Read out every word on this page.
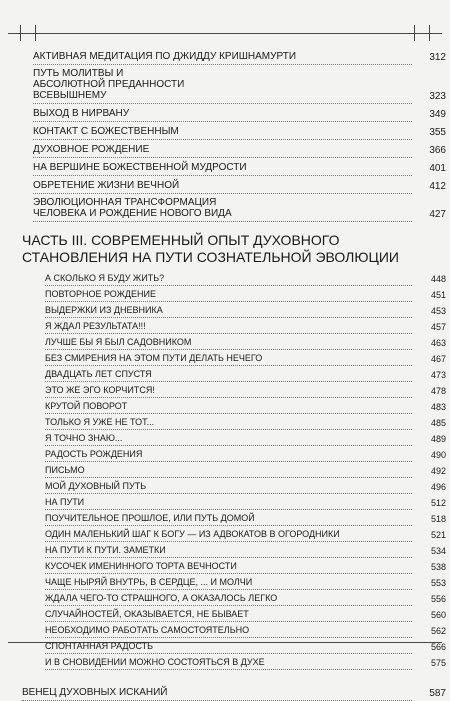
АКТИВНАЯ МЕДИТАЦИЯ ПО ДЖИДДУ КРИШНАМУРТИ	312
ПУТЬ МОЛИТВЫ И АБСОЛЮТНОЙ ПРЕДАННОСТИ ВСЕВЫШНЕМУ	323
ВЫХОД В НИРВАНУ	349
КОНТАКТ С БОЖЕСТВЕННЫМ	355
ДУХОВНОЕ РОЖДЕНИЕ	366
НА ВЕРШИНЕ БОЖЕСТВЕННОЙ МУДРОСТИ	401
ОБРЕТЕНИЕ ЖИЗНИ ВЕЧНОЙ	412
ЭВОЛЮЦИОННАЯ ТРАНСФОРМАЦИЯ ЧЕЛОВЕКА И РОЖДЕНИЕ НОВОГО ВИДА	427
ЧАСТЬ III. СОВРЕМЕННЫЙ ОПЫТ ДУХОВНОГО СТАНОВЛЕНИЯ НА ПУТИ СОЗНАТЕЛЬНОЙ ЭВОЛЮЦИИ
А СКОЛЬКО Я БУДУ ЖИТЬ?	448
ПОВТОРНОЕ РОЖДЕНИЕ	451
ВЫДЕРЖКИ ИЗ ДНЕВНИКА	453
Я ЖДАЛ РЕЗУЛЬТАТА!!!	457
ЛУЧШЕ БЫ Я БЫЛ САДОВНИКОМ	463
БЕЗ СМИРЕНИЯ НА ЭТОМ ПУТИ ДЕЛАТЬ НЕЧЕГО	467
ДВАДЦАТЬ ЛЕТ СПУСТЯ	473
ЭТО ЖЕ ЭГО КОРЧИТСЯ!	478
КРУТОЙ ПОВОРОТ	483
ТОЛЬКО Я УЖЕ НЕ ТОТ...	485
Я ТОЧНО ЗНАЮ...	489
РАДОСТЬ РОЖДЕНИЯ	490
ПИСЬМО	492
МОЙ ДУХОВНЫЙ ПУТЬ	496
НА ПУТИ	512
ПОУЧИТЕЛЬНОЕ ПРОШЛОЕ, ИЛИ ПУТЬ ДОМОЙ	518
ОДИН МАЛЕНЬКИЙ ШАГ К БОГУ — ИЗ АДВОКАТОВ В ОГОРОДНИКИ	521
НА ПУТИ К ПУТИ. ЗАМЕТКИ	534
КУСОЧЕК ИМЕНИННОГО ТОРТА ВЕЧНОСТИ	538
ЧАЩЕ НЫРЯЙ ВНУТРЬ, В СЕРДЦЕ, ... И МОЛЧИ	553
ЖДАЛА ЧЕГО-ТО СТРАШНОГО, А ОКАЗАЛОСЬ ЛЕГКО	556
СЛУЧАЙНОСТЕЙ, ОКАЗЫВАЕТСЯ, НЕ БЫВАЕТ	560
НЕОБХОДИМО РАБОТАТЬ САМОСТОЯТЕЛЬНО	562
СПОНТАННАЯ РАДОСТЬ	566
И В СНОВИДЕНИИ МОЖНО СОСТОЯТЬСЯ В ДУХЕ	575
ВЕНЕЦ ДУХОВНЫХ ИСКАНИЙ	587
